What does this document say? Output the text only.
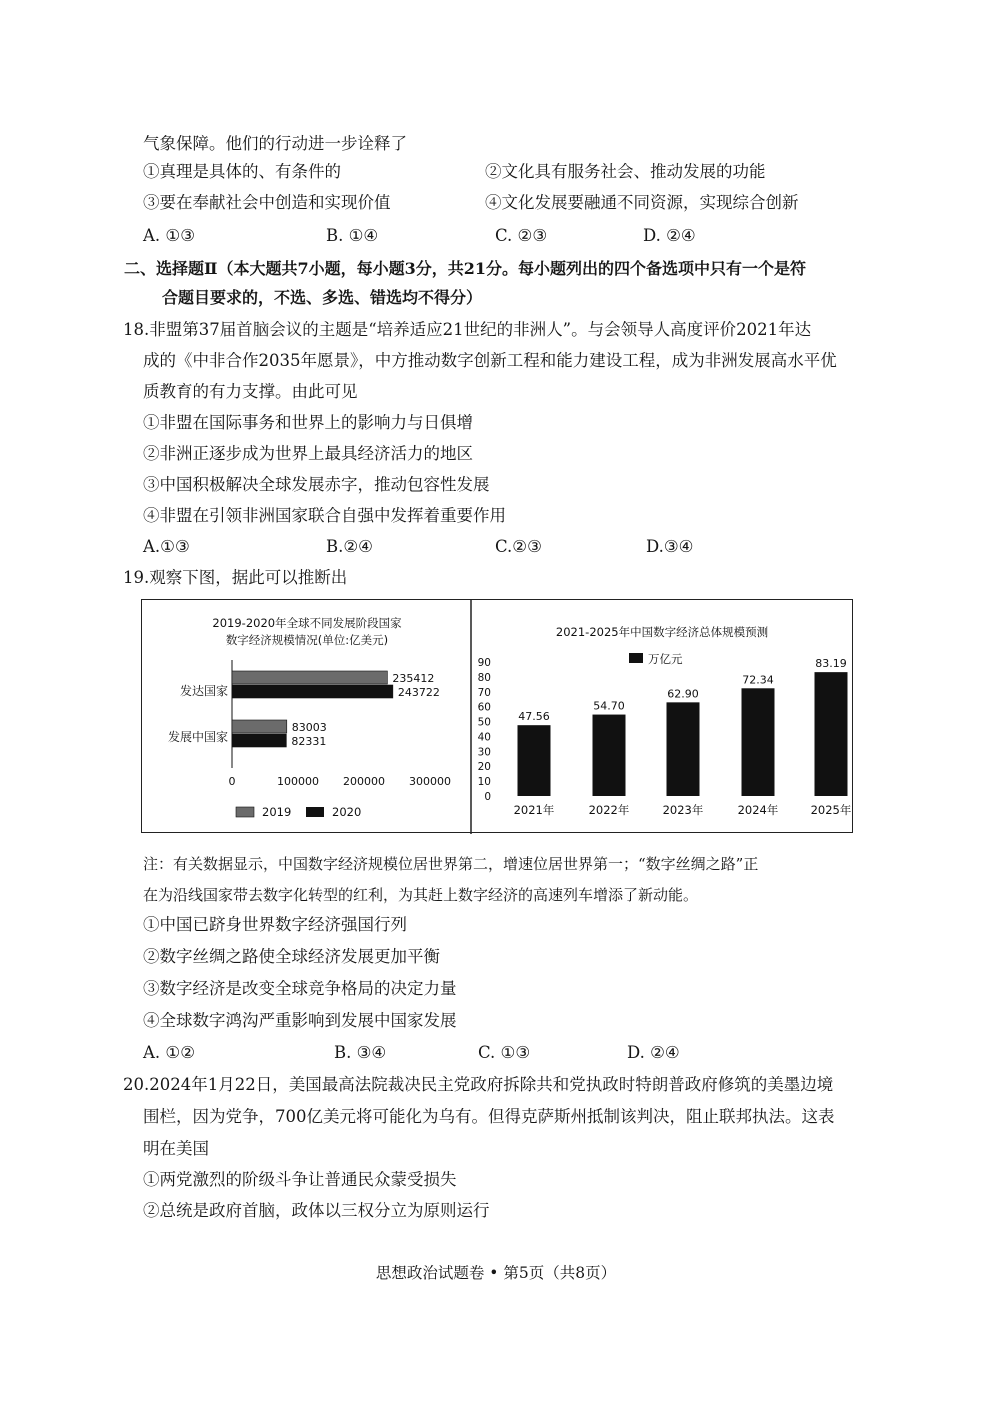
气象保障。他们的行动进一步诠释了
①真理是具体的、有条件的	②文化具有服务社会、推动发展的功能
③要在奉献社会中创造和实现价值	④文化发展要融通不同资源，实现综合创新
A. ①③	B. ①④	C. ②③	D. ②④
二、选择题Ⅱ（本大题共7小题，每小题3分，共21分。每小题列出的四个备选项中只有一个是符
合题目要求的，不选、多选、错选均不得分）
18.非盟第37届首脑会议的主题是“培养适应21世纪的非洲人”。与会领导人高度评价2021年达
成的《中非合作2035年愿景》，中方推动数字创新工程和能力建设工程，成为非洲发展高水平优
质教育的有力支撑。由此可见
①非盟在国际事务和世界上的影响力与日俱增
②非洲正逐步成为世界上最具经济活力的地区
③中国积极解决全球发展赤字，推动包容性发展
④非盟在引领非洲国家联合自强中发挥着重要作用
A.①③	B.②④	C.②③	D.③④
19.观察下图，据此可以推断出
2019-2020年全球不同发展阶段国家
数字经济规模情况(单位:亿美元)
发达国家
发展中国家
235412
243722
83003
82331
0	100000 200000 300000
2019	2020
2021-2025年中国数字经济总体规模预测
万亿元
0
10
20
30
40
50
60
70
80
90
47.56
2021年
54.70
2022年
62.90
2023年
72.34
2024年
83.19
2025年
注：有关数据显示，中国数字经济规模位居世界第二，增速位居世界第一；“数字丝绸之路”正
在为沿线国家带去数字化转型的红利，为其赶上数字经济的高速列车增添了新动能。
①中国已跻身世界数字经济强国行列
②数字丝绸之路使全球经济发展更加平衡
③数字经济是改变全球竞争格局的决定力量
④全球数字鸿沟严重影响到发展中国家发展
A. ①②	B. ③④	C. ①③	D. ②④
20.2024年1月22日，美国最高法院裁决民主党政府拆除共和党执政时特朗普政府修筑的美墨边境
围栏，因为党争，700亿美元将可能化为乌有。但得克萨斯州抵制该判决，阻止联邦执法。这表
明在美国
①两党激烈的阶级斗争让普通民众蒙受损失
②总统是政府首脑，政体以三权分立为原则运行
思想政治试题卷 • 第5页（共8页）
